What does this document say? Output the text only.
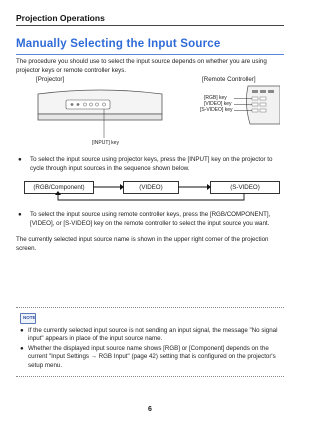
Projection Operations
Manually Selecting the Input Source

The procedure you should use to select the input source depends on whether you are using projector keys or remote controller keys.

[Projector]
[INPUT] key
[Remote Controller]
[RGB] key
[VIDEO] key
[S-VIDEO] key
● To select the input source using projector keys, press the [INPUT] key on the projector to cycle through input sources in the sequence shown below.
(RGB/Component)	(VIDEO)	(S-VIDEO)
● To select the input source using remote controller keys, press the [RGB/COMPONENT], [VIDEO], or [S-VIDEO] key on the remote controller to select the input source you want.

The currently selected input source name is shown in the upper right corner of the projection screen.

NOTE
● If the currently selected input source is not sending an input signal, the message "No signal input" appears in place of the input source name.
● Whether the displayed input source name shows [RGB] or [Component] depends on the current "Input Settings → RGB Input" (page 42) setting that is configured on the projector's setup menu.
6
